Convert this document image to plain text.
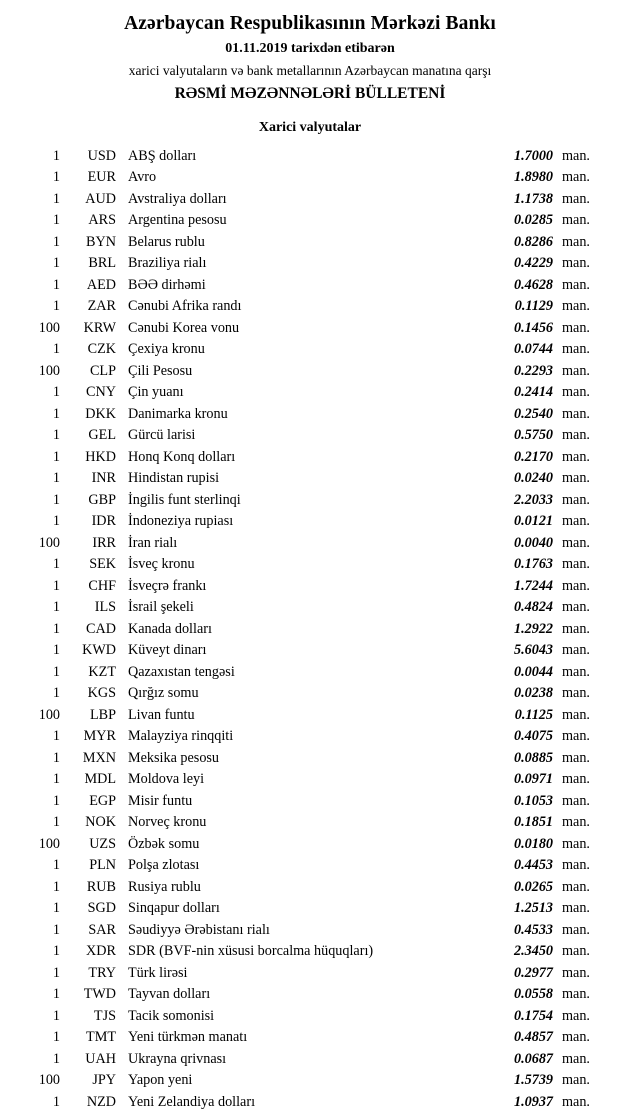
Azərbaycan Respublikasının Mərkəzi Bankı
01.11.2019 tarixdən etibarən
xarici valyutaların və bank metallarının Azərbaycan manatına qarşı
RƏSMİ MƏZƏNNƏLƏRİ BÜLLETENİ
Xarici valyutalar
1	USD	ABŞ dolları	1.7000	man.
1	EUR	Avro	1.8980	man.
1	AUD	Avstraliya dolları	1.1738	man.
1	ARS	Argentina pesosu	0.0285	man.
1	BYN	Belarus rublu	0.8286	man.
1	BRL	Braziliya rialı	0.4229	man.
1	AED	BƏƏ dirhəmi	0.4628	man.
1	ZAR	Cənubi Afrika randı	0.1129	man.
100	KRW	Cənubi Korea vonu	0.1456	man.
1	CZK	Çexiya kronu	0.0744	man.
100	CLP	Çili Pesosu	0.2293	man.
1	CNY	Çin yuanı	0.2414	man.
1	DKK	Danimarka kronu	0.2540	man.
1	GEL	Gürcü larisi	0.5750	man.
1	HKD	Honq Konq dolları	0.2170	man.
1	INR	Hindistan rupisi	0.0240	man.
1	GBP	İngilis funt sterlinqi	2.2033	man.
1	IDR	İndoneziya rupiası	0.0121	man.
100	IRR	İran rialı	0.0040	man.
1	SEK	İsveç kronu	0.1763	man.
1	CHF	İsveçrə frankı	1.7244	man.
1	ILS	İsrail şekeli	0.4824	man.
1	CAD	Kanada dolları	1.2922	man.
1	KWD	Küveyt dinarı	5.6043	man.
1	KZT	Qazaxıstan tengəsi	0.0044	man.
1	KGS	Qırğız somu	0.0238	man.
100	LBP	Livan funtu	0.1125	man.
1	MYR	Malayziya rinqqiti	0.4075	man.
1	MXN	Meksika pesosu	0.0885	man.
1	MDL	Moldova leyi	0.0971	man.
1	EGP	Misir funtu	0.1053	man.
1	NOK	Norveç kronu	0.1851	man.
100	UZS	Özbək somu	0.0180	man.
1	PLN	Polşa zlotası	0.4453	man.
1	RUB	Rusiya rublu	0.0265	man.
1	SGD	Sinqapur dolları	1.2513	man.
1	SAR	Səudiyyə Ərəbistanı rialı	0.4533	man.
1	XDR	SDR (BVF-nin xüsusi borcalma hüquqları)	2.3450	man.
1	TRY	Türk lirəsi	0.2977	man.
1	TWD	Tayvan dolları	0.0558	man.
1	TJS	Tacik somonisi	0.1754	man.
1	TMT	Yeni türkmən manatı	0.4857	man.
1	UAH	Ukrayna qrivnası	0.0687	man.
100	JPY	Yapon yeni	1.5739	man.
1	NZD	Yeni Zelandiya dolları	1.0937	man.
